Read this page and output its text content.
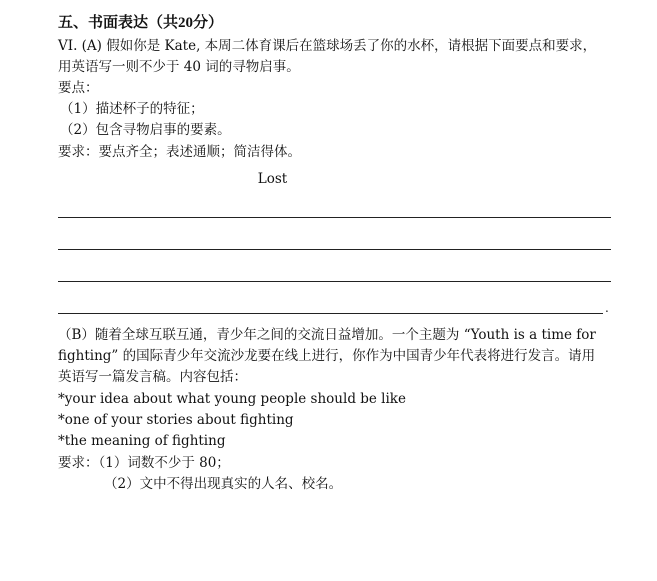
五、书面表达（共20分）
VI. (A) 假如你是 Kate, 本周二体育课后在篮球场丢了你的水杯，请根据下面要点和要求，
用英语写一则不少于 40 词的寻物启事。
要点：
（1）描述杯子的特征；
（2）包含寻物启事的要素。
要求：要点齐全；表述通顺；简洁得体。
Lost
.
（B）随着全球互联互通，青少年之间的交流日益增加。一个主题为 “Youth is a time for
fighting” 的国际青少年交流沙龙要在线上进行，你作为中国青少年代表将进行发言。请用
英语写一篇发言稿。内容包括：
*your idea about what young people should be like
*one of your stories about fighting
*the meaning of fighting
要求：（1）词数不少于 80；
（2）文中不得出现真实的人名、校名。
